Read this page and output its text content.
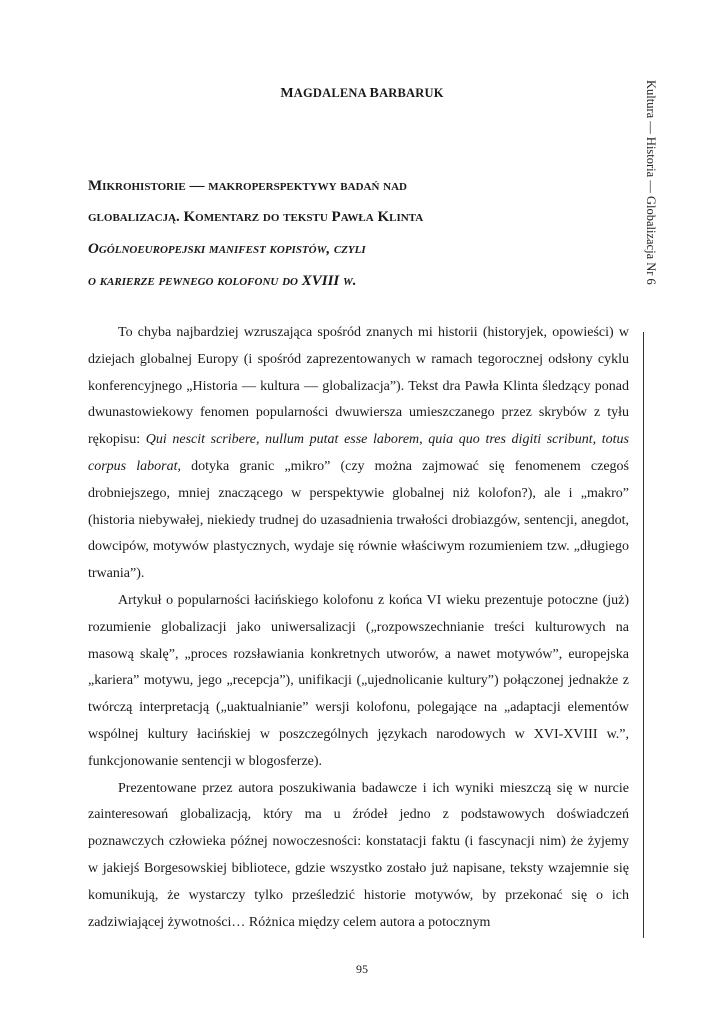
MAGDALENA BARBARUK	Kultura — Historia — Globalizacja Nr 6
Mikrohistorie — makroperspektywy badań nad
globalizacją. Komentarz do tekstu Pawła Klinta
Ogólnoeuropejski manifest kopistów, czyli
o karierze pewnego kolofonu do XVIII w.

To chyba najbardziej wzruszająca spośród znanych mi historii (historyjek, opowieści) w dziejach globalnej Europy (i spośród zaprezentowanych w ramach tegorocznej odsłony cyklu konferencyjnego „Historia — kultura — globalizacja”). Tekst dra Pawła Klinta śledzący ponad dwunastowiekowy fenomen popularności dwuwiersza umieszczanego przez skrybów z tyłu rękopisu: Qui nescit scribere, nullum putat esse laborem, quia quo tres digiti scribunt, totus corpus laborat, dotyka granic „mikro” (czy można zajmować się fenomenem czegoś drobniejszego, mniej znaczącego w perspektywie globalnej niż kolofon?), ale i „makro” (historia niebywałej, niekiedy trudnej do uzasadnienia trwałości drobiazgów, sentencji, anegdot, dowcipów, motywów plastycznych, wydaje się równie właściwym rozumieniem tzw. „długiego trwania”).

Artykuł o popularności łacińskiego kolofonu z końca VI wieku prezentuje potoczne (już) rozumienie globalizacji jako uniwersalizacji („rozpowszechnianie treści kulturowych na masową skalę”, „proces rozsławiania konkretnych utworów, a nawet motywów”, europejska „kariera” motywu, jego „recepcja”), unifikacji („ujednolicanie kultury”) połączonej jednakże z twórczą interpretacją („uaktualnianie” wersji kolofonu, polegające na „adaptacji elementów wspólnej kultury łacińskiej w poszczególnych językach narodowych w XVI-XVIII w.”, funkcjonowanie sentencji w blogosferze).

Prezentowane przez autora poszukiwania badawcze i ich wyniki mieszczą się w nurcie zainteresowań globalizacją, który ma u źródeł jedno z podstawowych doświadczeń poznawczych człowieka późnej nowoczesności: konstatacji faktu (i fascynacji nim) że żyjemy w jakiejś Borgesowskiej bibliotece, gdzie wszystko zostało już napisane, teksty wzajemnie się komunikują, że wystarczy tylko prześledzić historie motywów, by przekonać się o ich zadziwiającej żywotności… Różnica między celem autora a potocznym

95
